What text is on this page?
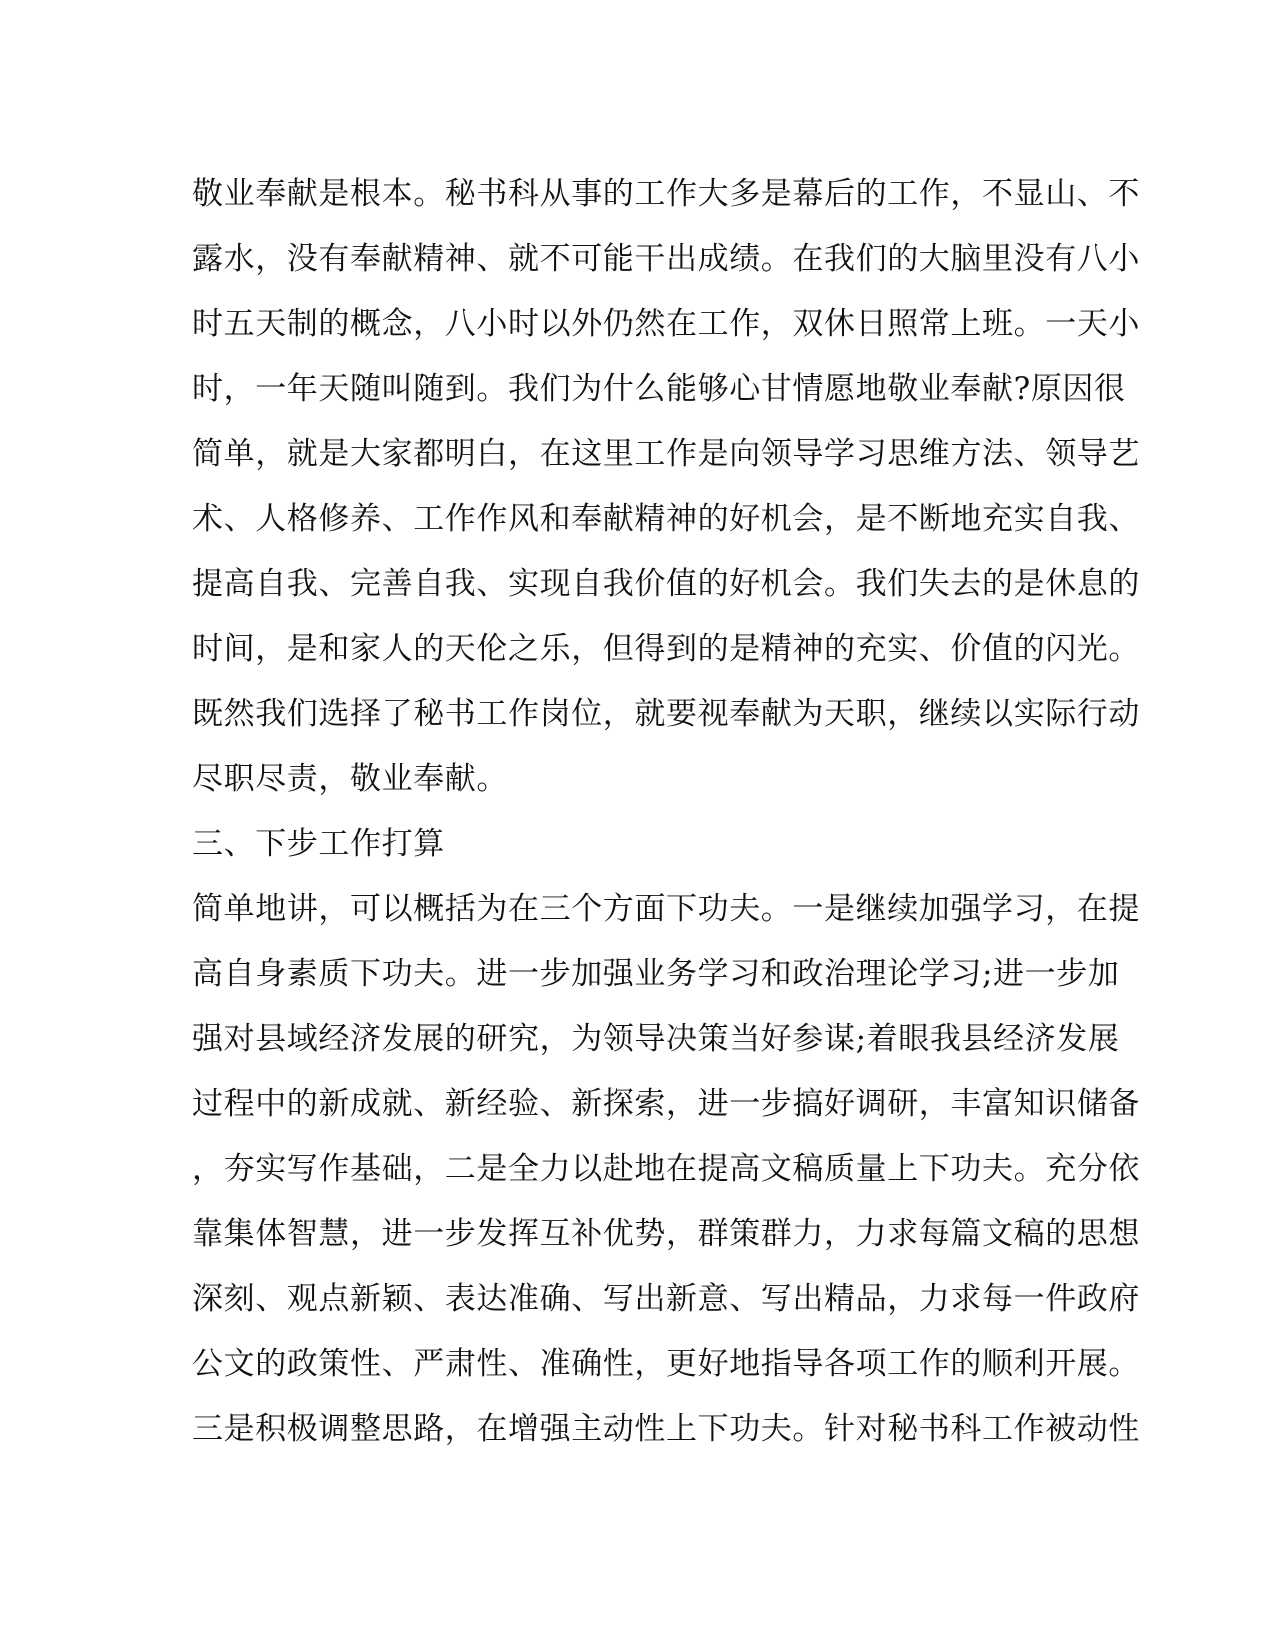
敬业奉献是根本。秘书科从事的工作大多是幕后的工作，不显山、不
露水，没有奉献精神、就不可能干出成绩。在我们的大脑里没有八小
时五天制的概念，八小时以外仍然在工作，双休日照常上班。一天小
时，一年天随叫随到。我们为什么能够心甘情愿地敬业奉献?原因很
简单，就是大家都明白，在这里工作是向领导学习思维方法、领导艺
术、人格修养、工作作风和奉献精神的好机会，是不断地充实自我、
提高自我、完善自我、实现自我价值的好机会。我们失去的是休息的
时间，是和家人的天伦之乐，但得到的是精神的充实、价值的闪光。
既然我们选择了秘书工作岗位，就要视奉献为天职，继续以实际行动
尽职尽责，敬业奉献。
三、下步工作打算
简单地讲，可以概括为在三个方面下功夫。一是继续加强学习，在提
高自身素质下功夫。进一步加强业务学习和政治理论学习;进一步加
强对县域经济发展的研究，为领导决策当好参谋;着眼我县经济发展
过程中的新成就、新经验、新探索，进一步搞好调研，丰富知识储备
，夯实写作基础，二是全力以赴地在提高文稿质量上下功夫。充分依
靠集体智慧，进一步发挥互补优势，群策群力，力求每篇文稿的思想
深刻、观点新颖、表达准确、写出新意、写出精品，力求每一件政府
公文的政策性、严肃性、准确性，更好地指导各项工作的顺利开展。
三是积极调整思路，在增强主动性上下功夫。针对秘书科工作被动性
